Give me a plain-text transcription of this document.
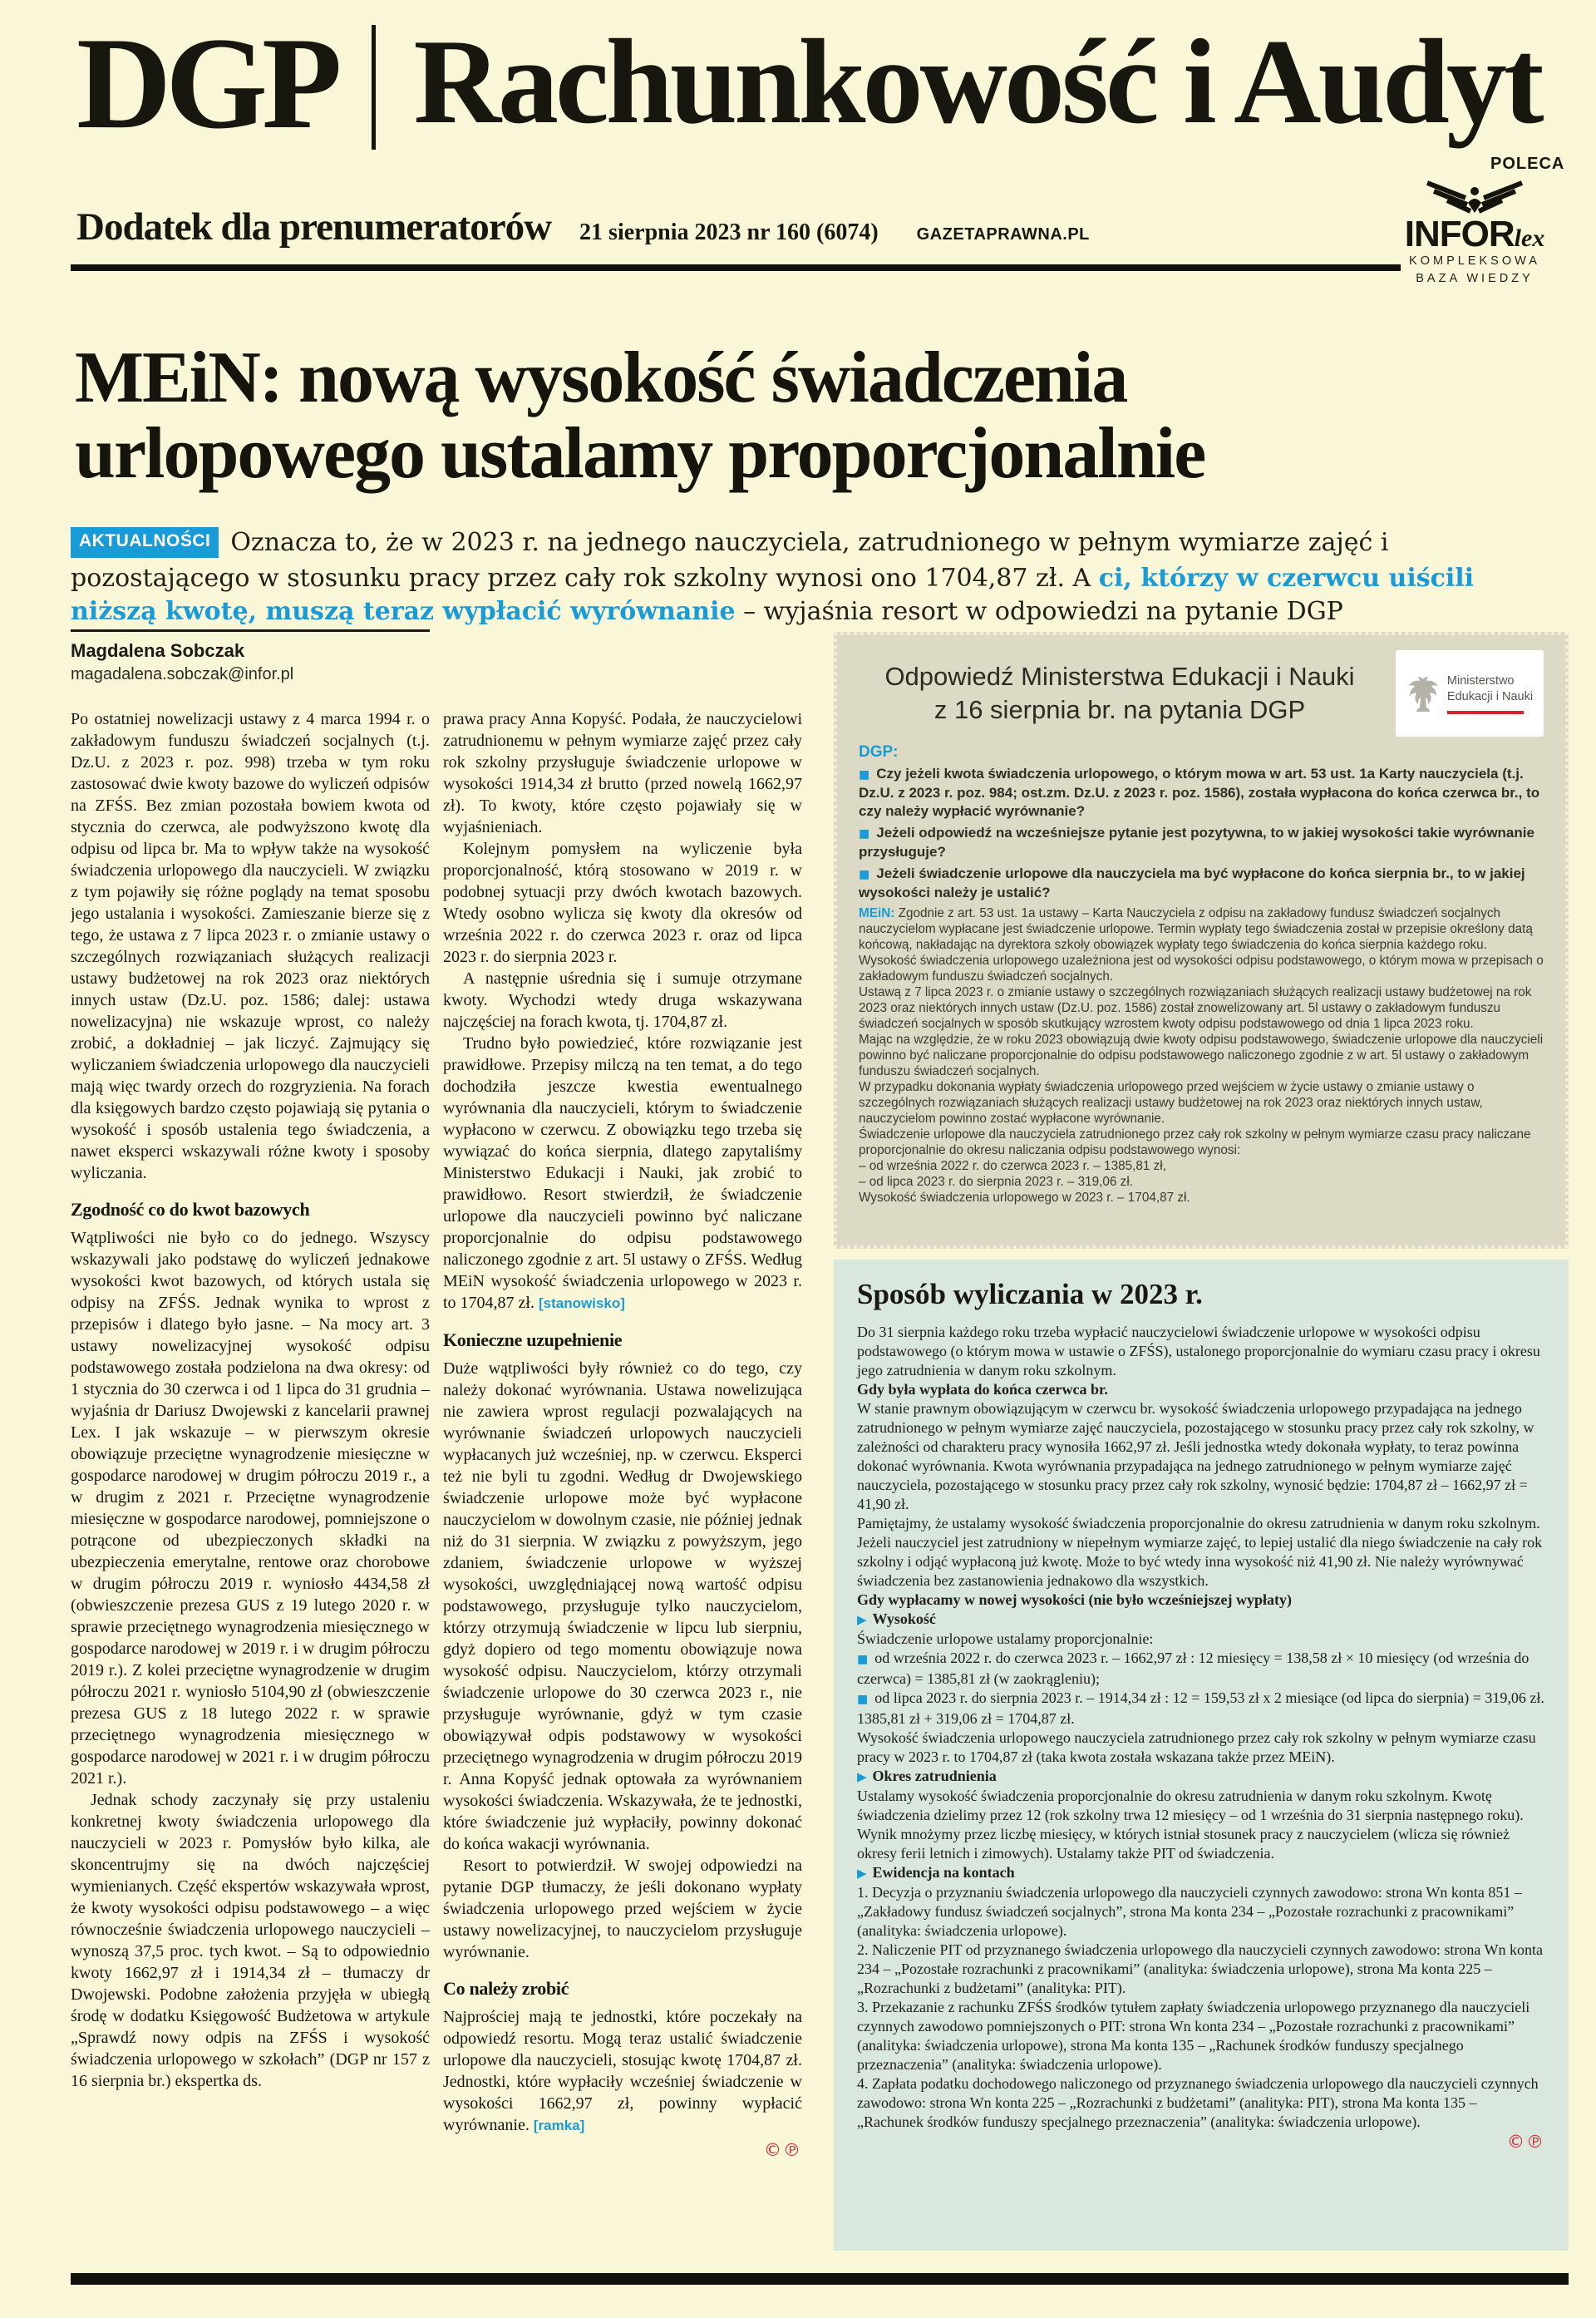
DGP Rachunkowość i Audyt
Dodatek dla prenumeratorów 21 sierpnia 2023 nr 160 (6074) GAZETAPRAWNA.PL
POLECA
INFORlex
KOMPLEKSOWA
BAZA WIEDZY
MEiN: nową wysokość świadczenia
urlopowego ustalamy proporcjonalnie

AKTUALNOŚCI Oznacza to, że w 2023 r. na jednego nauczyciela, zatrudnionego w pełnym wymiarze zajęć i pozostającego w stosunku pracy przez cały rok szkolny wynosi ono 1704,87 zł. A ci, którzy w czerwcu uiścili niższą kwotę, muszą teraz wypłacić wyrównanie – wyjaśnia resort w odpowiedzi na pytanie DGP

Magdalena Sobczak
magadalena.sobczak@infor.pl

Po ostatniej nowelizacji ustawy z 4 marca 1994 r. o zakładowym funduszu świadczeń socjalnych (t.j. Dz.U. z 2023 r. poz. 998) trzeba w tym roku zastosować dwie kwoty bazowe do wyliczeń odpisów na ZFŚS. Bez zmian pozostała bowiem kwota od stycznia do czerwca, ale podwyższono kwotę dla odpisu od lipca br. Ma to wpływ także na wysokość świadczenia urlopowego dla nauczycieli. W związku z tym pojawiły się różne poglądy na temat sposobu jego ustalania i wysokości. Zamieszanie bierze się z tego, że ustawa z 7 lipca 2023 r. o zmianie ustawy o szczególnych rozwiązaniach służących realizacji ustawy budżetowej na rok 2023 oraz niektórych innych ustaw (Dz.U. poz. 1586; dalej: ustawa nowelizacyjna) nie wskazuje wprost, co należy zrobić, a dokładniej – jak liczyć. Zajmujący się wyliczaniem świadczenia urlopowego dla nauczycieli mają więc twardy orzech do rozgryzienia. Na forach dla księgowych bardzo często pojawiają się pytania o wysokość i sposób ustalenia tego świadczenia, a nawet eksperci wskazywali różne kwoty i sposoby wyliczania.

Zgodność co do kwot bazowych

Wątpliwości nie było co do jednego. Wszyscy wskazywali jako podstawę do wyliczeń jednakowe wysokości kwot bazowych, od których ustala się odpisy na ZFŚS. Jednak wynika to wprost z przepisów i dlatego było jasne. – Na mocy art. 3 ustawy nowelizacyjnej wysokość odpisu podstawowego została podzielona na dwa okresy: od 1 stycznia do 30 czerwca i od 1 lipca do 31 grudnia – wyjaśnia dr Dariusz Dwojewski z kancelarii prawnej Lex. I jak wskazuje – w pierwszym okresie obowiązuje przeciętne wynagrodzenie miesięczne w gospodarce narodowej w drugim półroczu 2019 r., a w drugim z 2021 r. Przeciętne wynagrodzenie miesięczne w gospodarce narodowej, pomniejszone o potrącone od ubezpieczonych składki na ubezpieczenia emerytalne, rentowe oraz chorobowe w drugim półroczu 2019 r. wyniosło 4434,58 zł (obwieszczenie prezesa GUS z 19 lutego 2020 r. w sprawie przeciętnego wynagrodzenia miesięcznego w gospodarce narodowej w 2019 r. i w drugim półroczu 2019 r.). Z kolei przeciętne wynagrodzenie w drugim półroczu 2021 r. wyniosło 5104,90 zł (obwieszczenie prezesa GUS z 18 lutego 2022 r. w sprawie przeciętnego wynagrodzenia miesięcznego w gospodarce narodowej w 2021 r. i w drugim półroczu 2021 r.).

Jednak schody zaczynały się przy ustaleniu konkretnej kwoty świadczenia urlopowego dla nauczycieli w 2023 r. Pomysłów było kilka, ale skoncentrujmy się na dwóch najczęściej wymienianych. Część ekspertów wskazywała wprost, że kwoty wysokości odpisu podstawowego – a więc równocześnie świadczenia urlopowego nauczycieli – wynoszą 37,5 proc. tych kwot. – Są to odpowiednio kwoty 1662,97 zł i 1914,34 zł – tłumaczy dr Dwojewski. Podobne założenia przyjęła w ubiegłą środę w dodatku Księgowość Budżetowa w artykule „Sprawdź nowy odpis na ZFŚS i wysokość świadczenia urlopowego w szkołach” (DGP nr 157 z 16 sierpnia br.) ekspertka ds.

prawa pracy Anna Kopyść. Podała, że nauczycielowi zatrudnionemu w pełnym wymiarze zajęć przez cały rok szkolny przysługuje świadczenie urlopowe w wysokości 1914,34 zł brutto (przed nowelą 1662,97 zł). To kwoty, które często pojawiały się w wyjaśnieniach.

Kolejnym pomysłem na wyliczenie była proporcjonalność, którą stosowano w 2019 r. w podobnej sytuacji przy dwóch kwotach bazowych. Wtedy osobno wylicza się kwoty dla okresów od września 2022 r. do czerwca 2023 r. oraz od lipca 2023 r. do sierpnia 2023 r.

A następnie uśrednia się i sumuje otrzymane kwoty. Wychodzi wtedy druga wskazywana najczęściej na forach kwota, tj. 1704,87 zł.

Trudno było powiedzieć, które rozwiązanie jest prawidłowe. Przepisy milczą na ten temat, a do tego dochodziła jeszcze kwestia ewentualnego wyrównania dla nauczycieli, którym to świadczenie wypłacono w czerwcu. Z obowiązku tego trzeba się wywiązać do końca sierpnia, dlatego zapytaliśmy Ministerstwo Edukacji i Nauki, jak zrobić to prawidłowo. Resort stwierdził, że świadczenie urlopowe dla nauczycieli powinno być naliczane proporcjonalnie do odpisu podstawowego naliczonego zgodnie z art. 5l ustawy o ZFŚS. Według MEiN wysokość świadczenia urlopowego w 2023 r. to 1704,87 zł. [stanowisko]

Konieczne uzupełnienie

Duże wątpliwości były również co do tego, czy należy dokonać wyrównania. Ustawa nowelizująca nie zawiera wprost regulacji pozwalających na wyrównanie świadczeń urlopowych nauczycieli wypłacanych już wcześniej, np. w czerwcu. Eksperci też nie byli tu zgodni. Według dr Dwojewskiego świadczenie urlopowe może być wypłacone nauczycielom w dowolnym czasie, nie później jednak niż do 31 sierpnia. W związku z powyższym, jego zdaniem, świadczenie urlopowe w wyższej wysokości, uwzględniającej nową wartość odpisu podstawowego, przysługuje tylko nauczycielom, którzy otrzymują świadczenie w lipcu lub sierpniu, gdyż dopiero od tego momentu obowiązuje nowa wysokość odpisu. Nauczycielom, którzy otrzymali świadczenie urlopowe do 30 czerwca 2023 r., nie przysługuje wyrównanie, gdyż w tym czasie obowiązywał odpis podstawowy w wysokości przeciętnego wynagrodzenia w drugim półroczu 2019 r. Anna Kopyść jednak optowała za wyrównaniem wysokości świadczenia. Wskazywała, że te jednostki, które świadczenie już wypłaciły, powinny dokonać do końca wakacji wyrównania.

Resort to potwierdził. W swojej odpowiedzi na pytanie DGP tłumaczy, że jeśli dokonano wypłaty świadczenia urlopowego przed wejściem w życie ustawy nowelizacyjnej, to nauczycielom przysługuje wyrównanie.

Co należy zrobić

Najprościej mają te jednostki, które poczekały na odpowiedź resortu. Mogą teraz ustalić świadczenie urlopowe dla nauczycieli, stosując kwotę 1704,87 zł. Jednostki, które wypłaciły wcześniej świadczenie w wysokości 1662,97 zł, powinny wypłacić wyrównanie. [ramka]

©℗
Odpowiedź Ministerstwa Edukacji i Nauki
z 16 sierpnia br. na pytania DGP
Ministerstwo
Edukacji i Nauki
DGP:
■ Czy jeżeli kwota świadczenia urlopowego, o którym mowa w art. 53 ust. 1a Karty nauczyciela (t.j. Dz.U. z 2023 r. poz. 984; ost.zm. Dz.U. z 2023 r. poz. 1586), została wypłacona do końca czerwca br., to czy należy wypłacić wyrównanie?
■ Jeżeli odpowiedź na wcześniejsze pytanie jest pozytywna, to w jakiej wysokości takie wyrównanie przysługuje?
■ Jeżeli świadczenie urlopowe dla nauczyciela ma być wypłacone do końca sierpnia br., to w jakiej wysokości należy je ustalić?

MEiN: Zgodnie z art. 53 ust. 1a ustawy – Karta Nauczyciela z odpisu na zakładowy fundusz świadczeń socjalnych nauczycielom wypłacane jest świadczenie urlopowe. Termin wypłaty tego świadczenia został w przepisie określony datą końcową, nakładając na dyrektora szkoły obowiązek wypłaty tego świadczenia do końca sierpnia każdego roku.

Wysokość świadczenia urlopowego uzależniona jest od wysokości odpisu podstawowego, o którym mowa w przepisach o zakładowym funduszu świadczeń socjalnych.

Ustawą z 7 lipca 2023 r. o zmianie ustawy o szczególnych rozwiązaniach służących realizacji ustawy budżetowej na rok 2023 oraz niektórych innych ustaw (Dz.U. poz. 1586) został znowelizowany art. 5l ustawy o zakładowym funduszu świadczeń socjalnych w sposób skutkujący wzrostem kwoty odpisu podstawowego od dnia 1 lipca 2023 roku.

Mając na względzie, że w roku 2023 obowiązują dwie kwoty odpisu podstawowego, świadczenie urlopowe dla nauczycieli powinno być naliczane proporcjonalnie do odpisu podstawowego naliczonego zgodnie z w art. 5l ustawy o zakładowym funduszu świadczeń socjalnych.

W przypadku dokonania wypłaty świadczenia urlopowego przed wejściem w życie ustawy o zmianie ustawy o szczególnych rozwiązaniach służących realizacji ustawy budżetowej na rok 2023 oraz niektórych innych ustaw, nauczycielom powinno zostać wypłacone wyrównanie.

Świadczenie urlopowe dla nauczyciela zatrudnionego przez cały rok szkolny w pełnym wymiarze czasu pracy naliczane proporcjonalnie do okresu naliczania odpisu podstawowego wynosi:

– od września 2022 r. do czerwca 2023 r. – 1385,81 zł,

– od lipca 2023 r. do sierpnia 2023 r. – 319,06 zł.

Wysokość świadczenia urlopowego w 2023 r. – 1704,87 zł.

Sposób wyliczania w 2023 r.

Do 31 sierpnia każdego roku trzeba wypłacić nauczycielowi świadczenie urlopowe w wysokości odpisu podstawowego (o którym mowa w ustawie o ZFŚS), ustalonego proporcjonalnie do wymiaru czasu pracy i okresu jego zatrudnienia w danym roku szkolnym.

Gdy była wypłata do końca czerwca br.

W stanie prawnym obowiązującym w czerwcu br. wysokość świadczenia urlopowego przypadająca na jednego zatrudnionego w pełnym wymiarze zajęć nauczyciela, pozostającego w stosunku pracy przez cały rok szkolny, w zależności od charakteru pracy wynosiła 1662,97 zł. Jeśli jednostka wtedy dokonała wypłaty, to teraz powinna dokonać wyrównania. Kwota wyrównania przypadająca na jednego zatrudnionego w pełnym wymiarze zajęć nauczyciela, pozostającego w stosunku pracy przez cały rok szkolny, wynosić będzie: 1704,87 zł – 1662,97 zł = 41,90 zł.

Pamiętajmy, że ustalamy wysokość świadczenia proporcjonalnie do okresu zatrudnienia w danym roku szkolnym. Jeżeli nauczyciel jest zatrudniony w niepełnym wymiarze zajęć, to lepiej ustalić dla niego świadczenie na cały rok szkolny i odjąć wypłaconą już kwotę. Może to być wtedy inna wysokość niż 41,90 zł. Nie należy wyrównywać świadczenia bez zastanowienia jednakowo dla wszystkich.

Gdy wypłacamy w nowej wysokości (nie było wcześniejszej wypłaty)

▶ Wysokość

Świadczenie urlopowe ustalamy proporcjonalnie:

■ od września 2022 r. do czerwca 2023 r. – 1662,97 zł : 12 miesięcy = 138,58 zł × 10 miesięcy (od września do czerwca) = 1385,81 zł (w zaokrągleniu);

■ od lipca 2023 r. do sierpnia 2023 r. – 1914,34 zł : 12 = 159,53 zł x 2 miesiące (od lipca do sierpnia) = 319,06 zł.

1385,81 zł + 319,06 zł = 1704,87 zł.

Wysokość świadczenia urlopowego nauczyciela zatrudnionego przez cały rok szkolny w pełnym wymiarze czasu pracy w 2023 r. to 1704,87 zł (taka kwota została wskazana także przez MEiN).

▶ Okres zatrudnienia

Ustalamy wysokość świadczenia proporcjonalnie do okresu zatrudnienia w danym roku szkolnym. Kwotę świadczenia dzielimy przez 12 (rok szkolny trwa 12 miesięcy – od 1 września do 31 sierpnia następnego roku). Wynik mnożymy przez liczbę miesięcy, w których istniał stosunek pracy z nauczycielem (wlicza się również okresy ferii letnich i zimowych). Ustalamy także PIT od świadczenia.

▶ Ewidencja na kontach

1. Decyzja o przyznaniu świadczenia urlopowego dla nauczycieli czynnych zawodowo: strona Wn konta 851 – „Zakładowy fundusz świadczeń socjalnych”, strona Ma konta 234 – „Pozostałe rozrachunki z pracownikami” (analityka: świadczenia urlopowe).

2. Naliczenie PIT od przyznanego świadczenia urlopowego dla nauczycieli czynnych zawodowo: strona Wn konta 234 – „Pozostałe rozrachunki z pracownikami” (analityka: świadczenia urlopowe), strona Ma konta 225 – „Rozrachunki z budżetami” (analityka: PIT).

3. Przekazanie z rachunku ZFŚS środków tytułem zapłaty świadczenia urlopowego przyznanego dla nauczycieli czynnych zawodowo pomniejszonych o PIT: strona Wn konta 234 – „Pozostałe rozrachunki z pracownikami” (analityka: świadczenia urlopowe), strona Ma konta 135 – „Rachunek środków funduszy specjalnego przeznaczenia” (analityka: świadczenia urlopowe).

4. Zapłata podatku dochodowego naliczonego od przyznanego świadczenia urlopowego dla nauczycieli czynnych zawodowo: strona Wn konta 225 – „Rozrachunki z budżetami” (analityka: PIT), strona Ma konta 135 – „Rachunek środków funduszy specjalnego przeznaczenia” (analityka: świadczenia urlopowe).

©℗
